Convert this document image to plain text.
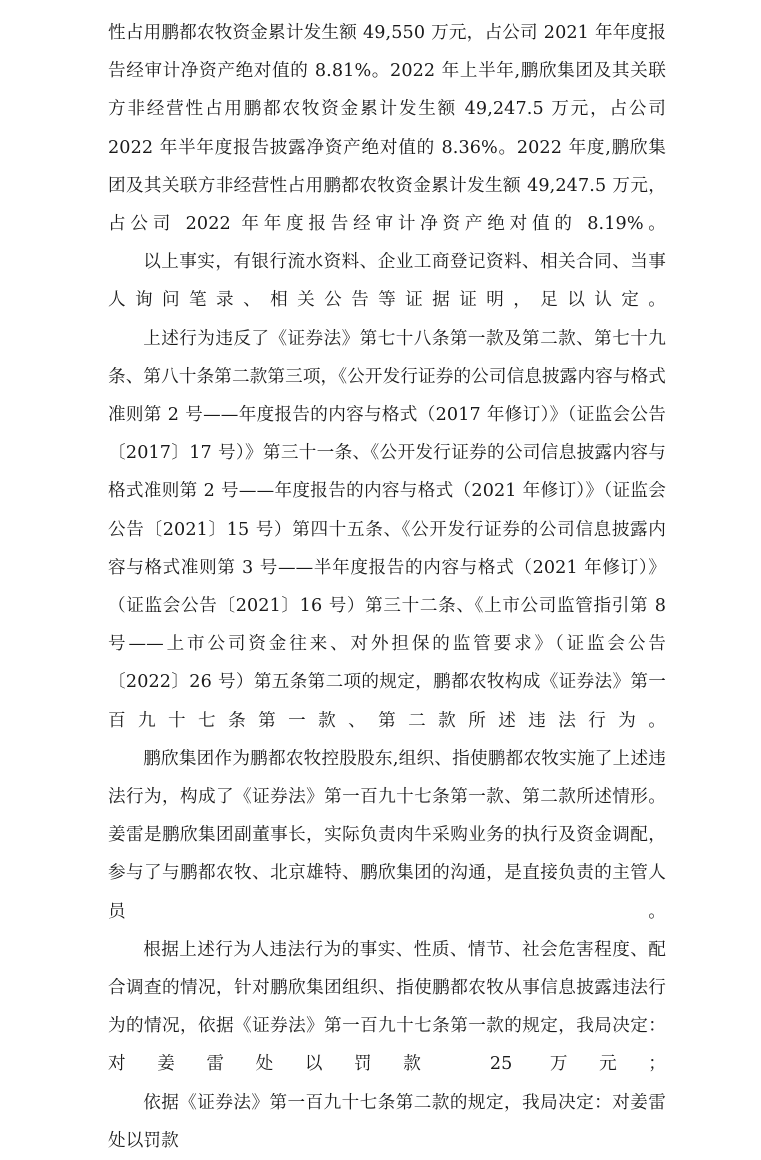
性占用鹏都农牧资金累计发生额 49,550 万元，占公司 2021 年年度报告经审计净资产绝对值的 8.81%。2022 年上半年,鹏欣集团及其关联方非经营性占用鹏都农牧资金累计发生额 49,247.5 万元，占公司 2022 年半年度报告披露净资产绝对值的 8.36%。2022 年度,鹏欣集团及其关联方非经营性占用鹏都农牧资金累计发生额 49,247.5 万元，占公司 2022 年年度报告经审计净资产绝对值的 8.19%。

以上事实，有银行流水资料、企业工商登记资料、相关合同、当事人询问笔录、相关公告等证据证明，足以认定。

上述行为违反了《证券法》第七十八条第一款及第二款、第七十九条、第八十条第二款第三项，《公开发行证券的公司信息披露内容与格式准则第 2 号——年度报告的内容与格式（2017 年修订）》（证监会公告〔2017〕17 号）》第三十一条、《公开发行证券的公司信息披露内容与格式准则第 2 号——年度报告的内容与格式（2021 年修订）》（证监会公告〔2021〕15 号）第四十五条、《公开发行证券的公司信息披露内容与格式准则第 3 号——半年度报告的内容与格式（2021 年修订）》（证监会公告〔2021〕16 号）第三十二条、《上市公司监管指引第 8 号——上市公司资金往来、对外担保的监管要求》（证监会公告〔2022〕26 号）第五条第二项的规定，鹏都农牧构成《证券法》第一百九十七条第一款、第二款所述违法行为。

鹏欣集团作为鹏都农牧控股股东,组织、指使鹏都农牧实施了上述违法行为，构成了《证券法》第一百九十七条第一款、第二款所述情形。姜雷是鹏欣集团副董事长，实际负责肉牛采购业务的执行及资金调配，参与了与鹏都农牧、北京雄特、鹏欣集团的沟通，是直接负责的主管人员。

根据上述行为人违法行为的事实、性质、情节、社会危害程度、配合调查的情况，针对鹏欣集团组织、指使鹏都农牧从事信息披露违法行为的情况，依据《证券法》第一百九十七条第一款的规定，我局决定：对姜雷处以罚款 25 万元；

依据《证券法》第一百九十七条第二款的规定，我局决定：对姜雷处以罚款
